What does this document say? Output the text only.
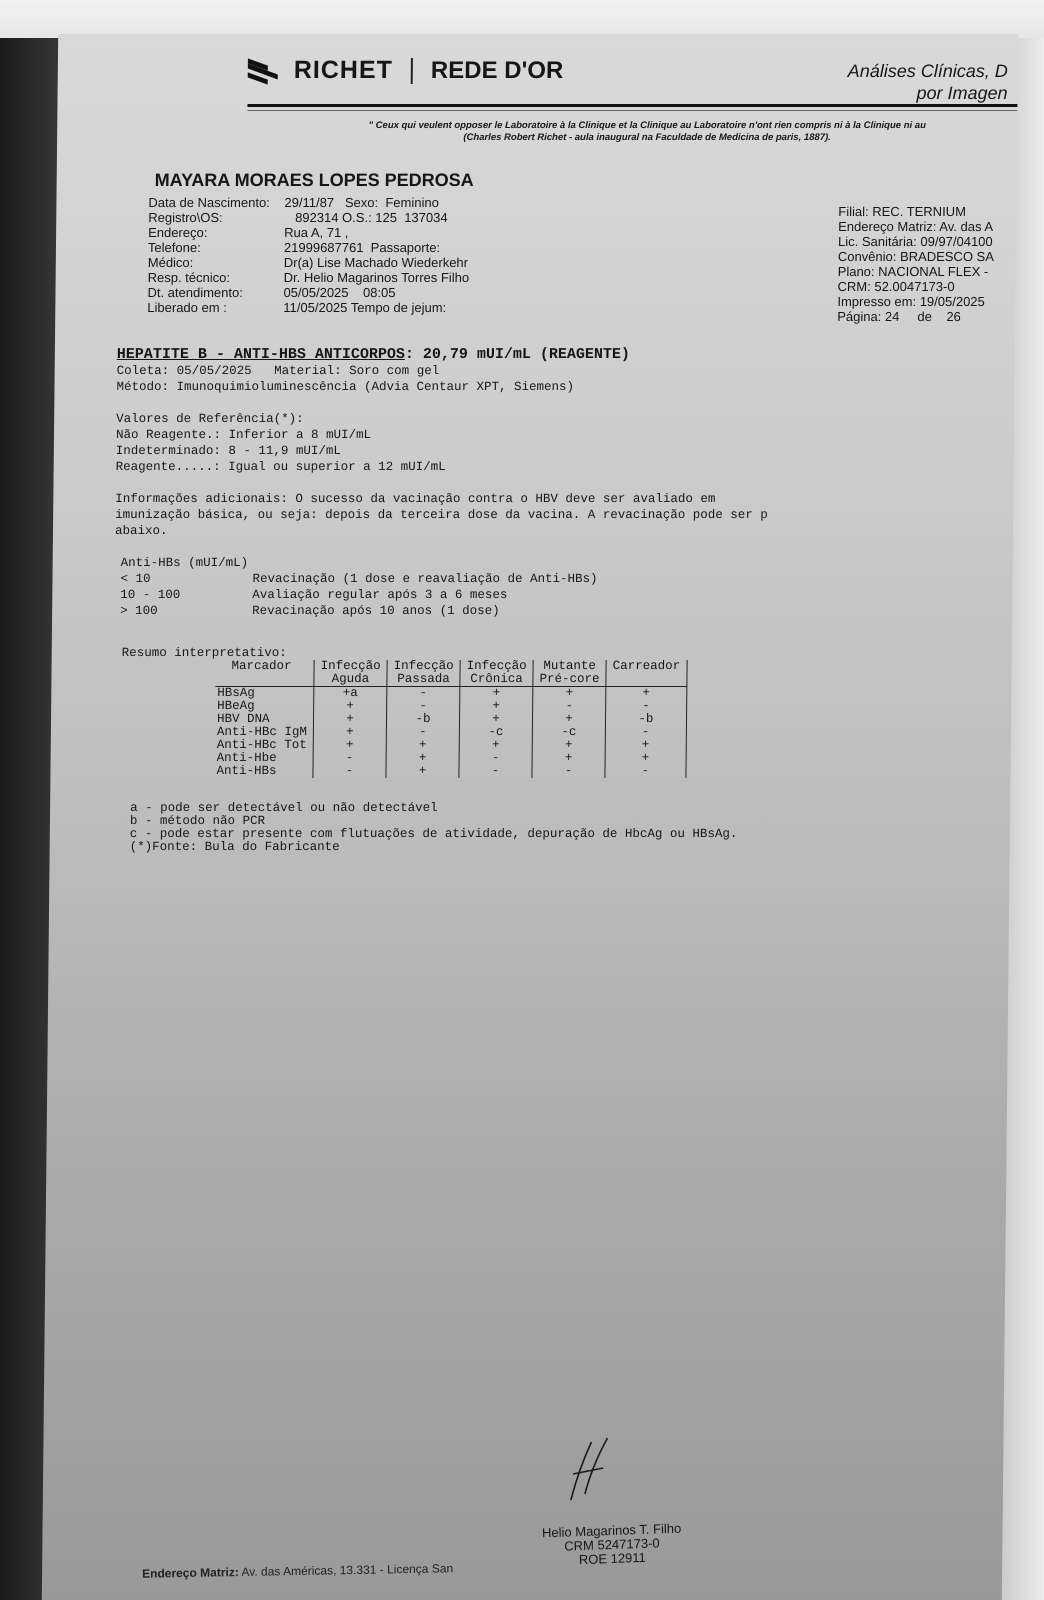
RICHET REDE D'OR	Análises Clínicas, D
por Imagen
" Ceux qui veulent opposer le Laboratoire à la Clinique et la Clinique au Laboratoire n'ont rien compris ni à la Clinique ni au
(Charles Robert Richet - aula inaugural na Faculdade de Medicina de paris, 1887).
MAYARA MORAES LOPES PEDROSA
Data de Nascimento:	29/11/87   Sexo:  Feminino
Registro\OS:	892314 O.S.: 125  137034
Endereço:	Rua A, 71 ,
Telefone:	21999687761  Passaporte:
Médico:	Dr(a) Lise Machado Wiederkehr
Resp. técnico:	Dr. Helio Magarinos Torres Filho
Dt. atendimento:	05/05/2025    08:05
Liberado em :	11/05/2025 Tempo de jejum:
Filial: REC. TERNIUM
Endereço Matriz: Av. das A
Lic. Sanitária: 09/97/04100
Convênio: BRADESCO SA
Plano: NACIONAL FLEX -
CRM: 52.0047173-0
Impresso em: 19/05/2025
Página: 24     de    26
HEPATITE B - ANTI-HBS ANTICORPOS: 20,79 mUI/mL (REAGENTE)
Coleta: 05/05/2025   Material: Soro com gel
Método: Imunoquimioluminescência (Advia Centaur XPT, Siemens)
Valores de Referência(*):
Não Reagente.: Inferior a 8 mUI/mL
Indeterminado: 8 - 11,9 mUI/mL
Reagente.....: Igual ou superior a 12 mUI/mL
Informações adicionais: O sucesso da vacinação contra o HBV deve ser avaliado em
imunização básica, ou seja: depois da terceira dose da vacina. A revacinação pode ser p
abaixo.
Anti-HBs (mUI/mL)
< 10	Revacinação (1 dose e reavaliação de Anti-HBs)
10 - 100	Avaliação regular após 3 a 6 meses
> 100	Revacinação após 10 anos (1 dose)
Resumo interpretativo:
Marcador	Infecção	Infecção	Infecção	Mutante	Carreador
	Aguda	Passada	Crônica	Pré-core	
HBsAg	+a	-	+	+	+
HBeAg	+	-	+	-	-
HBV DNA	+	-b	+	+	-b
Anti-HBc IgM	+	-	-c	-c	-
Anti-HBc Tot	+	+	+	+	+
Anti-Hbe	-	+	-	+	+
Anti-HBs	-	+	-	-	-
a - pode ser detectável ou não detectável
b - método não PCR
c - pode estar presente com flutuações de atividade, depuração de HbcAg ou HBsAg.
(*)Fonte: Bula do Fabricante
Helio Magarinos T. Filho
CRM 5247173-0
ROE 12911
Endereço Matriz: Av. das Américas, 13.331 - Licença San
